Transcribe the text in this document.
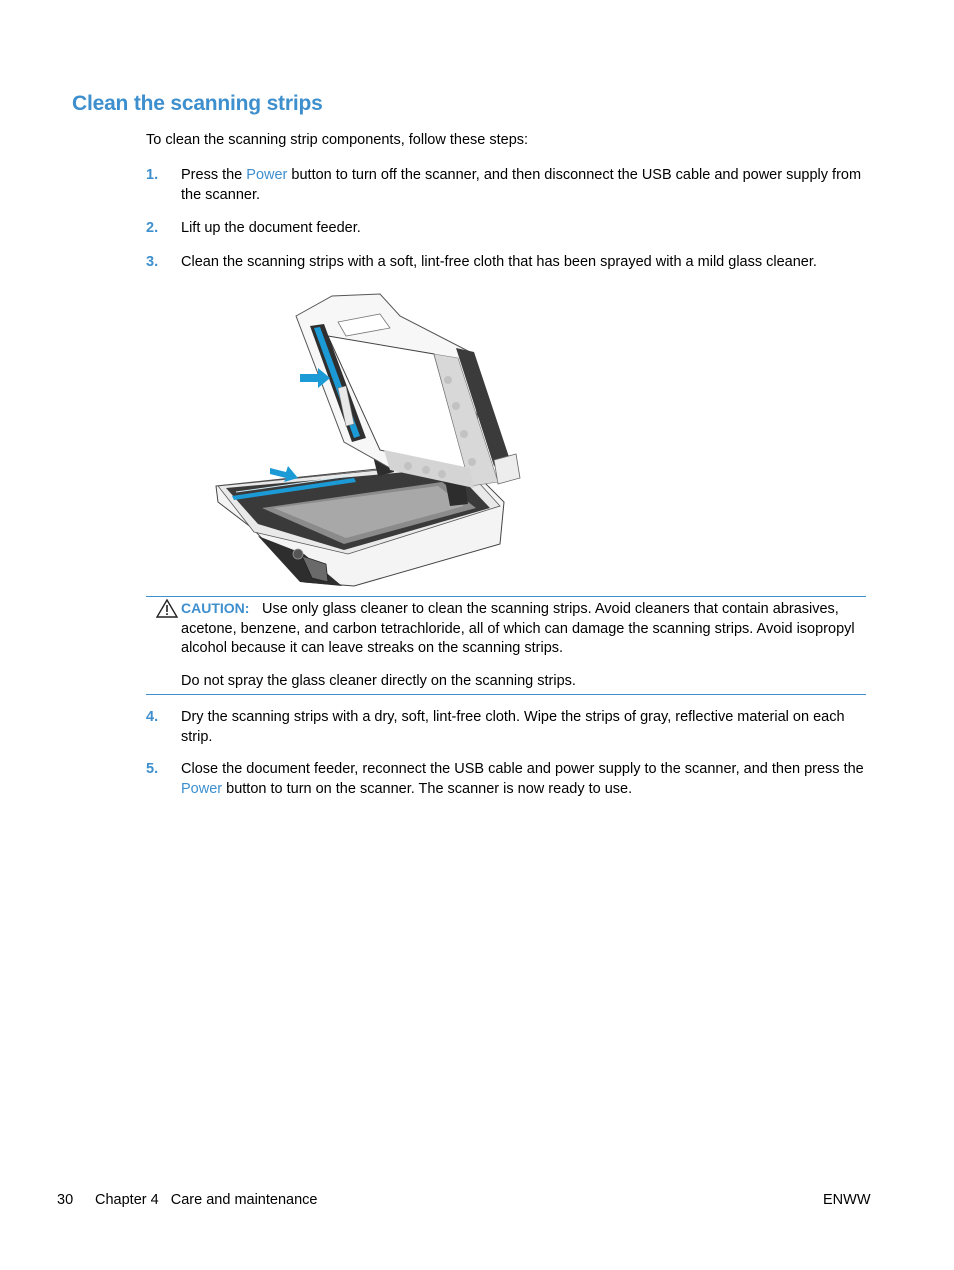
Clean the scanning strips
To clean the scanning strip components, follow these steps:
1. Press the Power button to turn off the scanner, and then disconnect the USB cable and power supply from the scanner.
2. Lift up the document feeder.
3. Clean the scanning strips with a soft, lint-free cloth that has been sprayed with a mild glass cleaner.
CAUTION: Use only glass cleaner to clean the scanning strips. Avoid cleaners that contain abrasives, acetone, benzene, and carbon tetrachloride, all of which can damage the scanning strips. Avoid isopropyl alcohol because it can leave streaks on the scanning strips.
Do not spray the glass cleaner directly on the scanning strips.
4. Dry the scanning strips with a dry, soft, lint-free cloth. Wipe the strips of gray, reflective material on each strip.
5. Close the document feeder, reconnect the USB cable and power supply to the scanner, and then press the Power button to turn on the scanner. The scanner is now ready to use.
30 Chapter 4   Care and maintenance	ENWW
